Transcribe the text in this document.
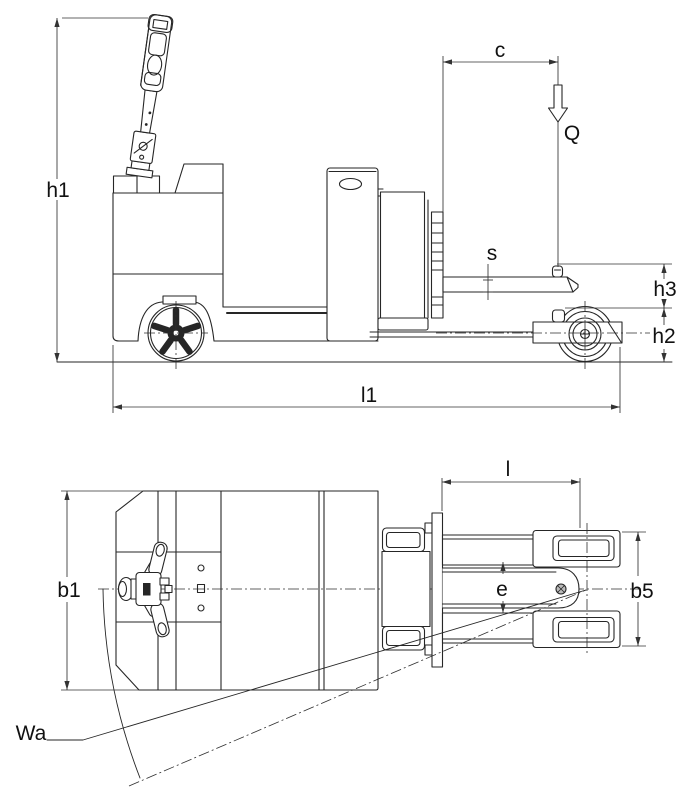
h1
c
Q
s
h3
h2
l1
Wa
b1
l
e	b5
